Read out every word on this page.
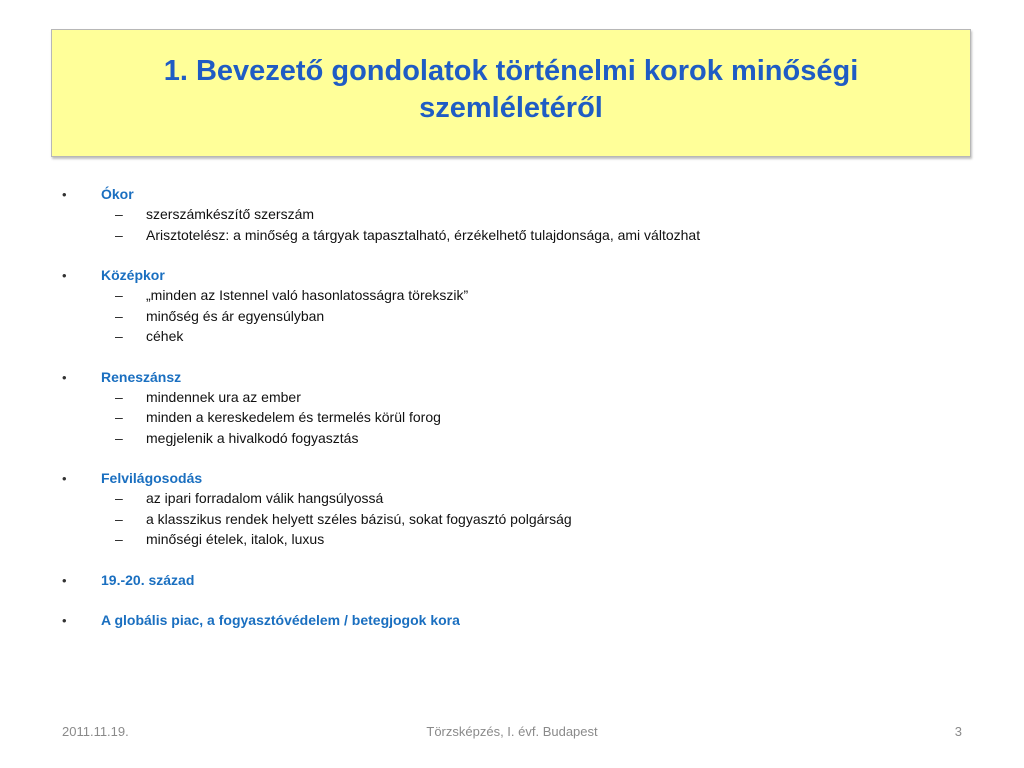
1. Bevezető gondolatok történelmi korok minőségi szemléletéről
•	Ókor
–	szerszámkészítő szerszám
–	Arisztotelész: a minőség a tárgyak tapasztalható, érzékelhető tulajdonsága, ami változhat
•	Középkor
–	„minden az Istennel való hasonlatosságra törekszik”
–	minőség és ár egyensúlyban
–	céhek
•	Reneszánsz
–	mindennek ura az ember
–	minden a kereskedelem és termelés körül forog
–	megjelenik a hivalkodó fogyasztás
•	Felvilágosodás
–	az ipari forradalom válik hangsúlyossá
–	a klasszikus rendek helyett széles bázisú, sokat fogyasztó polgárság
–	minőségi ételek, italok, luxus
•	19.-20. század
•	A globális piac, a fogyasztóvédelem / betegjogok kora
2011.11.19.	Törzsképzés, I. évf. Budapest	3
